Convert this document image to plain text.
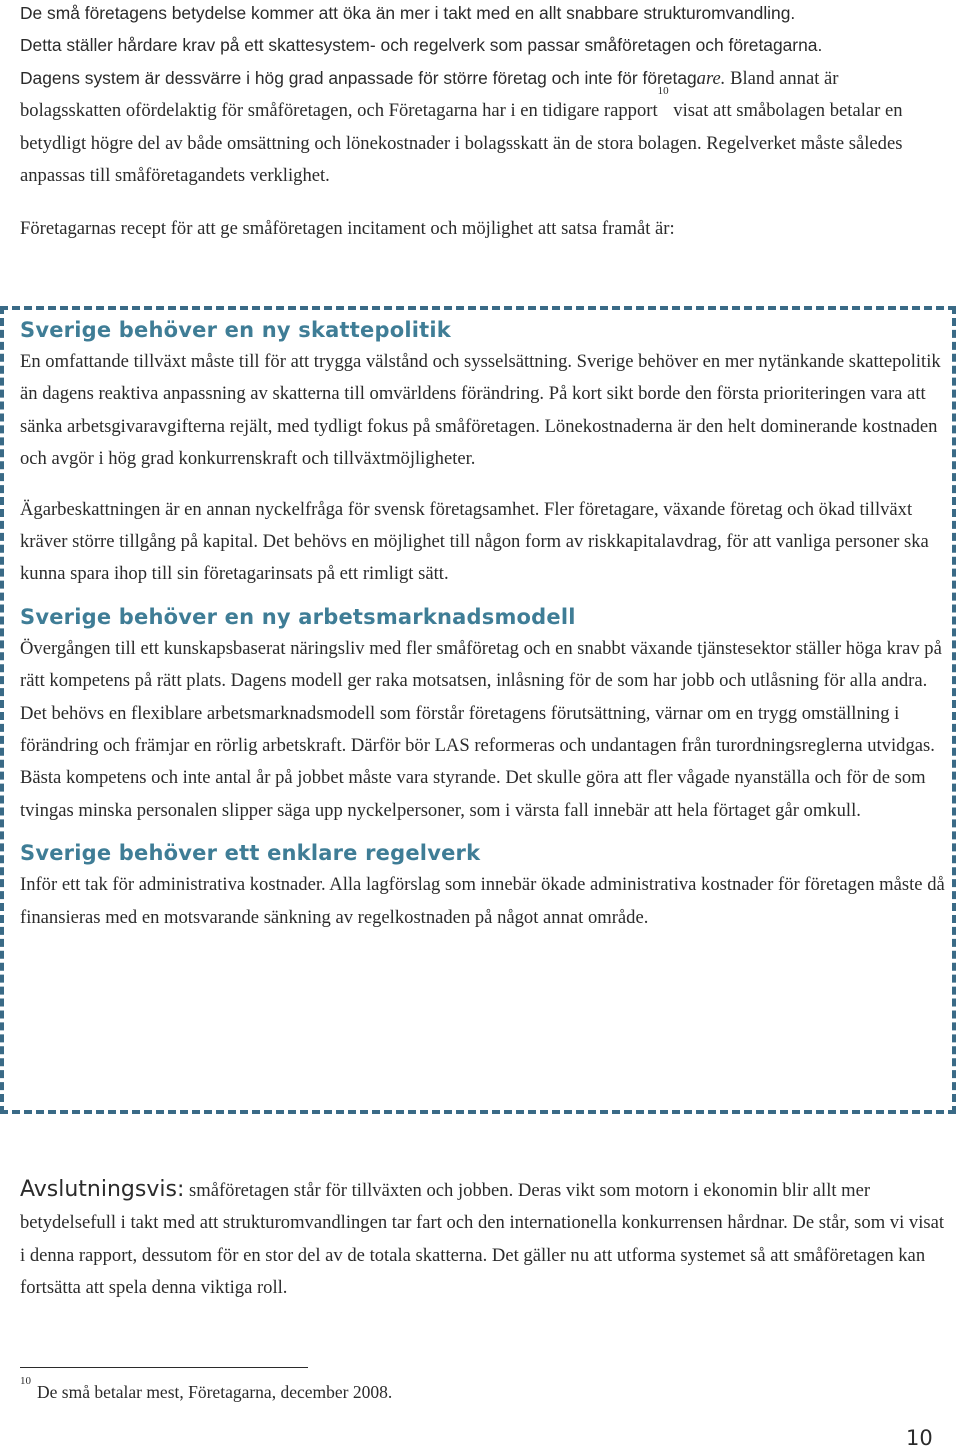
De små företagens betydelse kommer att öka än mer i takt med en allt snabbare strukturomvandling.

Detta ställer hårdare krav på ett skattesystem- och regelverk som passar småföretagen och företagarna.

Dagens system är dessvärre i hög grad anpassade för större företag och inte för företagare. Bland annat är
bolagsskatten ofördelaktig för småföretagen, och Företagarna har i en tidigare rapport$^{10}$ visat att småbolagen betalar en betydligt högre del av både omsättning och lönekostnader i bolagsskatt än de stora bolagen. Regelverket måste således anpassas till småföretagandets verklighet.

Företagarnas recept för att ge småföretagen incitament och möjlighet att satsa framåt är:

Sverige behöver en ny skattepolitik

En omfattande tillväxt måste till för att trygga välstånd och sysselsättning. Sverige behöver en mer nytänkande skattepolitik än dagens reaktiva anpassning av skatterna till omvärldens förändring. På kort sikt borde den första prioriteringen vara att sänka arbetsgivaravgifterna rejält, med tydligt fokus på småföretagen. Lönekostnaderna är den helt dominerande kostnaden och avgör i hög grad konkurrenskraft och tillväxtmöjligheter.

Ägarbeskattningen är en annan nyckelfråga för svensk företagsamhet. Fler företagare, växande företag och ökad tillväxt kräver större tillgång på kapital. Det behövs en möjlighet till någon form av riskkapitalavdrag, för att vanliga personer ska kunna spara ihop till sin företagarinsats på ett rimligt sätt.

Sverige behöver en ny arbetsmarknadsmodell

Övergången till ett kunskapsbaserat näringsliv med fler småföretag och en snabbt växande tjänstesektor ställer höga krav på rätt kompetens på rätt plats. Dagens modell ger raka motsatsen, inlåsning för de som har jobb och utlåsning för alla andra. Det behövs en flexiblare arbetsmarknadsmodell som förstår företagens förutsättning, värnar om en trygg omställning i förändring och främjar en rörlig arbetskraft. Därför bör LAS reformeras och undantagen från turordningsreglerna utvidgas. Bästa kompetens och inte antal år på jobbet måste vara styrande. Det skulle göra att fler vågade nyanställa och för de som tvingas minska personalen slipper säga upp nyckelpersoner, som i värsta fall innebär att hela förtaget går omkull.

Sverige behöver ett enklare regelverk

Inför ett tak för administrativa kostnader. Alla lagförslag som innebär ökade administrativa kostnader för företagen måste då finansieras med en motsvarande sänkning av regelkostnaden på något annat område.

Avslutningsvis: småföretagen står för tillväxten och jobben. Deras vikt som motorn i ekonomin blir allt mer betydelsefull i takt med att strukturomvandlingen tar fart och den internationella konkurrensen hårdnar. De står, som vi visat i denna rapport, dessutom för en stor del av de totala skatterna. Det gäller nu att utforma systemet så att småföretagen kan fortsätta att spela denna viktiga roll.

$^{10}$De små betalar mest, Företagarna, december 2008.
10
